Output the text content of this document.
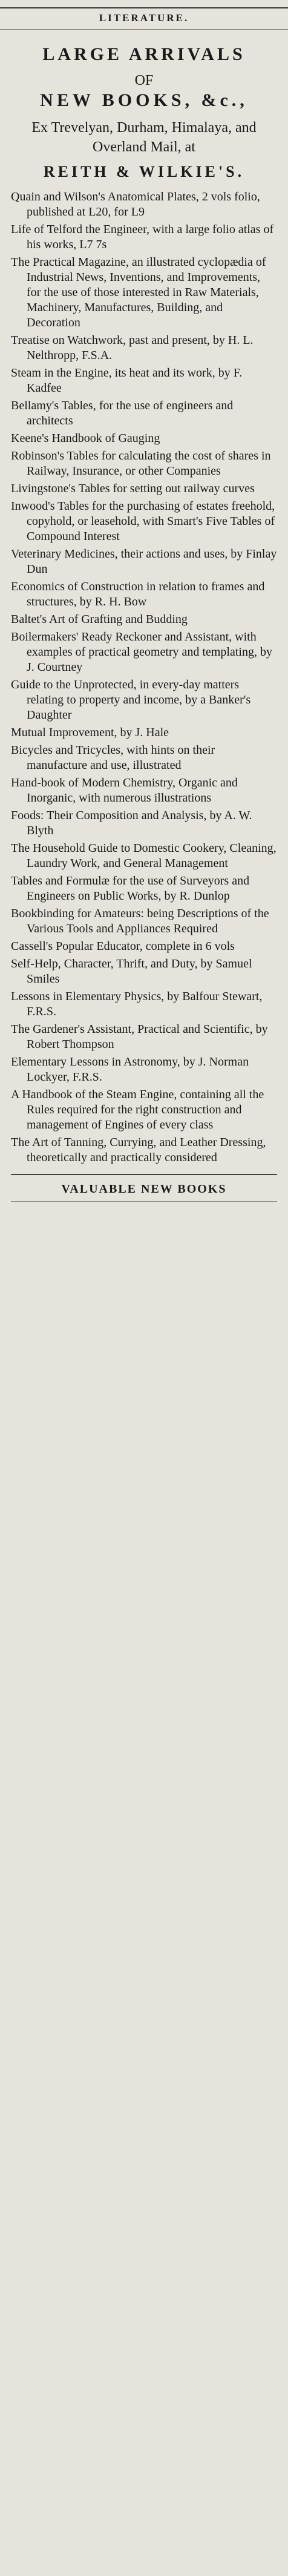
LITERATURE.
LARGE ARRIVALS
OF
NEW BOOKS, &c.,
Ex Trevelyan, Durham, Himalaya, and
Overland Mail, at
REITH & WILKIE'S.

Quain and Wilson's Anatomical Plates, 2 vols folio, published at L20, for L9

Life of Telford the Engineer, with a large folio atlas of his works, L7 7s

The Practical Magazine, an illustrated cyclopædia of Industrial News, Inventions, and Improvements, for the use of those interested in Raw Materials, Machinery, Manufactures, Building, and Decoration

Treatise on Watchwork, past and present, by H. L. Nelthropp, F.S.A.

Steam in the Engine, its heat and its work, by F. Kadfee

Bellamy's Tables, for the use of engineers and architects

Keene's Handbook of Gauging

Robinson's Tables for calculating the cost of shares in Railway, Insurance, or other Companies

Livingstone's Tables for setting out railway curves

Inwood's Tables for the purchasing of estates freehold, copyhold, or leasehold, with Smart's Five Tables of Compound Interest

Veterinary Medicines, their actions and uses, by Finlay Dun

Economics of Construction in relation to frames and structures, by R. H. Bow

Baltet's Art of Grafting and Budding

Boilermakers' Ready Reckoner and Assistant, with examples of practical geometry and templating, by J. Courtney

Guide to the Unprotected, in every-day matters relating to property and income, by a Banker's Daughter

Mutual Improvement, by J. Hale

Bicycles and Tricycles, with hints on their manufacture and use, illustrated

Hand-book of Modern Chemistry, Organic and Inorganic, with numerous illustrations

Foods: Their Composition and Analysis, by A. W. Blyth

The Household Guide to Domestic Cookery, Cleaning, Laundry Work, and General Management

Tables and Formulæ for the use of Surveyors and Engineers on Public Works, by R. Dunlop

Bookbinding for Amateurs: being Descriptions of the Various Tools and Appliances Required

Cassell's Popular Educator, complete in 6 vols

Self-Help, Character, Thrift, and Duty, by Samuel Smiles

Lessons in Elementary Physics, by Balfour Stewart, F.R.S.

The Gardener's Assistant, Practical and Scientific, by Robert Thompson

Elementary Lessons in Astronomy, by J. Norman Lockyer, F.R.S.

A Handbook of the Steam Engine, containing all the Rules required for the right construction and management of Engines of every class

The Art of Tanning, Currying, and Leather Dressing, theoretically and practically considered

VALUABLE NEW BOOKS
